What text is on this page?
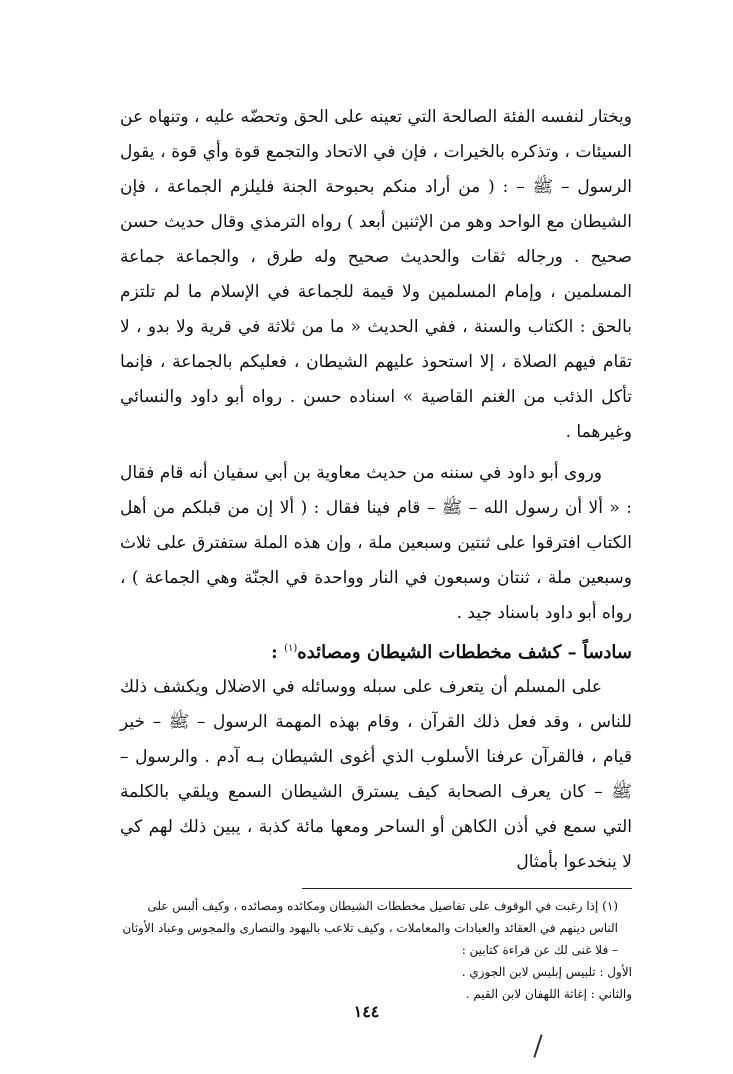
ويختار لنفسه الفئة الصالحة التي تعينه على الحق وتحضّه عليه ، وتنهاه عن السيئات ، وتذكره بالخيرات ، فإن في الاتحاد والتجمع قوة وأي قوة ، يقول الرسول – ﷺ – : ( من أراد منكم بحبوحة الجنة فليلزم الجماعة ، فإن الشيطان مع الواحد وهو من الإثنين أبعد ) رواه الترمذي وقال حديث حسن صحيح . ورجاله ثقات والحديث صحيح وله طرق ، والجماعة جماعة المسلمين ، وإمام المسلمين ولا قيمة للجماعة في الإسلام ما لم تلتزم بالحق : الكتاب والسنة ، ففي الحديث « ما من ثلاثة في قرية ولا بدو ، لا تقام فيهم الصلاة ، إلا استحوذ عليهم الشيطان ، فعليكم بالجماعة ، فإنما تأكل الذئب من الغنم القاصية » اسناده حسن . رواه أبو داود والنسائي وغيرهما .

وروى أبو داود في سننه من حديث معاوية بن أبي سفيان أنه قام فقال : « ألا أن رسول الله – ﷺ – قام فينا فقال : ( ألا إن من قبلكم من أهل الكتاب افترقوا على ثنتين وسبعين ملة ، وإن هذه الملة ستفترق على ثلاث وسبعين ملة ، ثنتان وسبعون في النار وواحدة في الجنّة وهي الجماعة ) ، رواه أبو داود باسناد جيد .

سادساً – كشف مخططات الشيطان ومصائده$^{(١)}$ :

على المسلم أن يتعرف على سبله ووسائله في الاضلال ويكشف ذلك للناس ، وقد فعل ذلك القرآن ، وقام بهذه المهمة الرسول – ﷺ – خير قيام ، فالقرآن عرفنا الأسلوب الذي أغوى الشيطان بـه آدم . والرسول – ﷺ – كان يعرف الصحابة كيف يسترق الشيطان السمع ويلقي بالكلمة التي سمع في أذن الكاهن أو الساحر ومعها مائة كذبة ، يبين ذلك لهم كي لا ينخدعوا بأمثال

(١) إذا رغبت في الوقوف على تفاصيل مخططات الشيطان ومكائده ومصائده ، وكيف ألبس على الناس دينهم في العقائد والعبادات والمعاملات ، وكيف تلاعب باليهود والنصارى والمجوس وعباد الأوثان – فلا غنى لك عن قراءة كتابين :
الأول : تلبيس إبليس لابن الجوزي .
والثاني : إغاثة اللهفان لابن القيم .
١٤٤
